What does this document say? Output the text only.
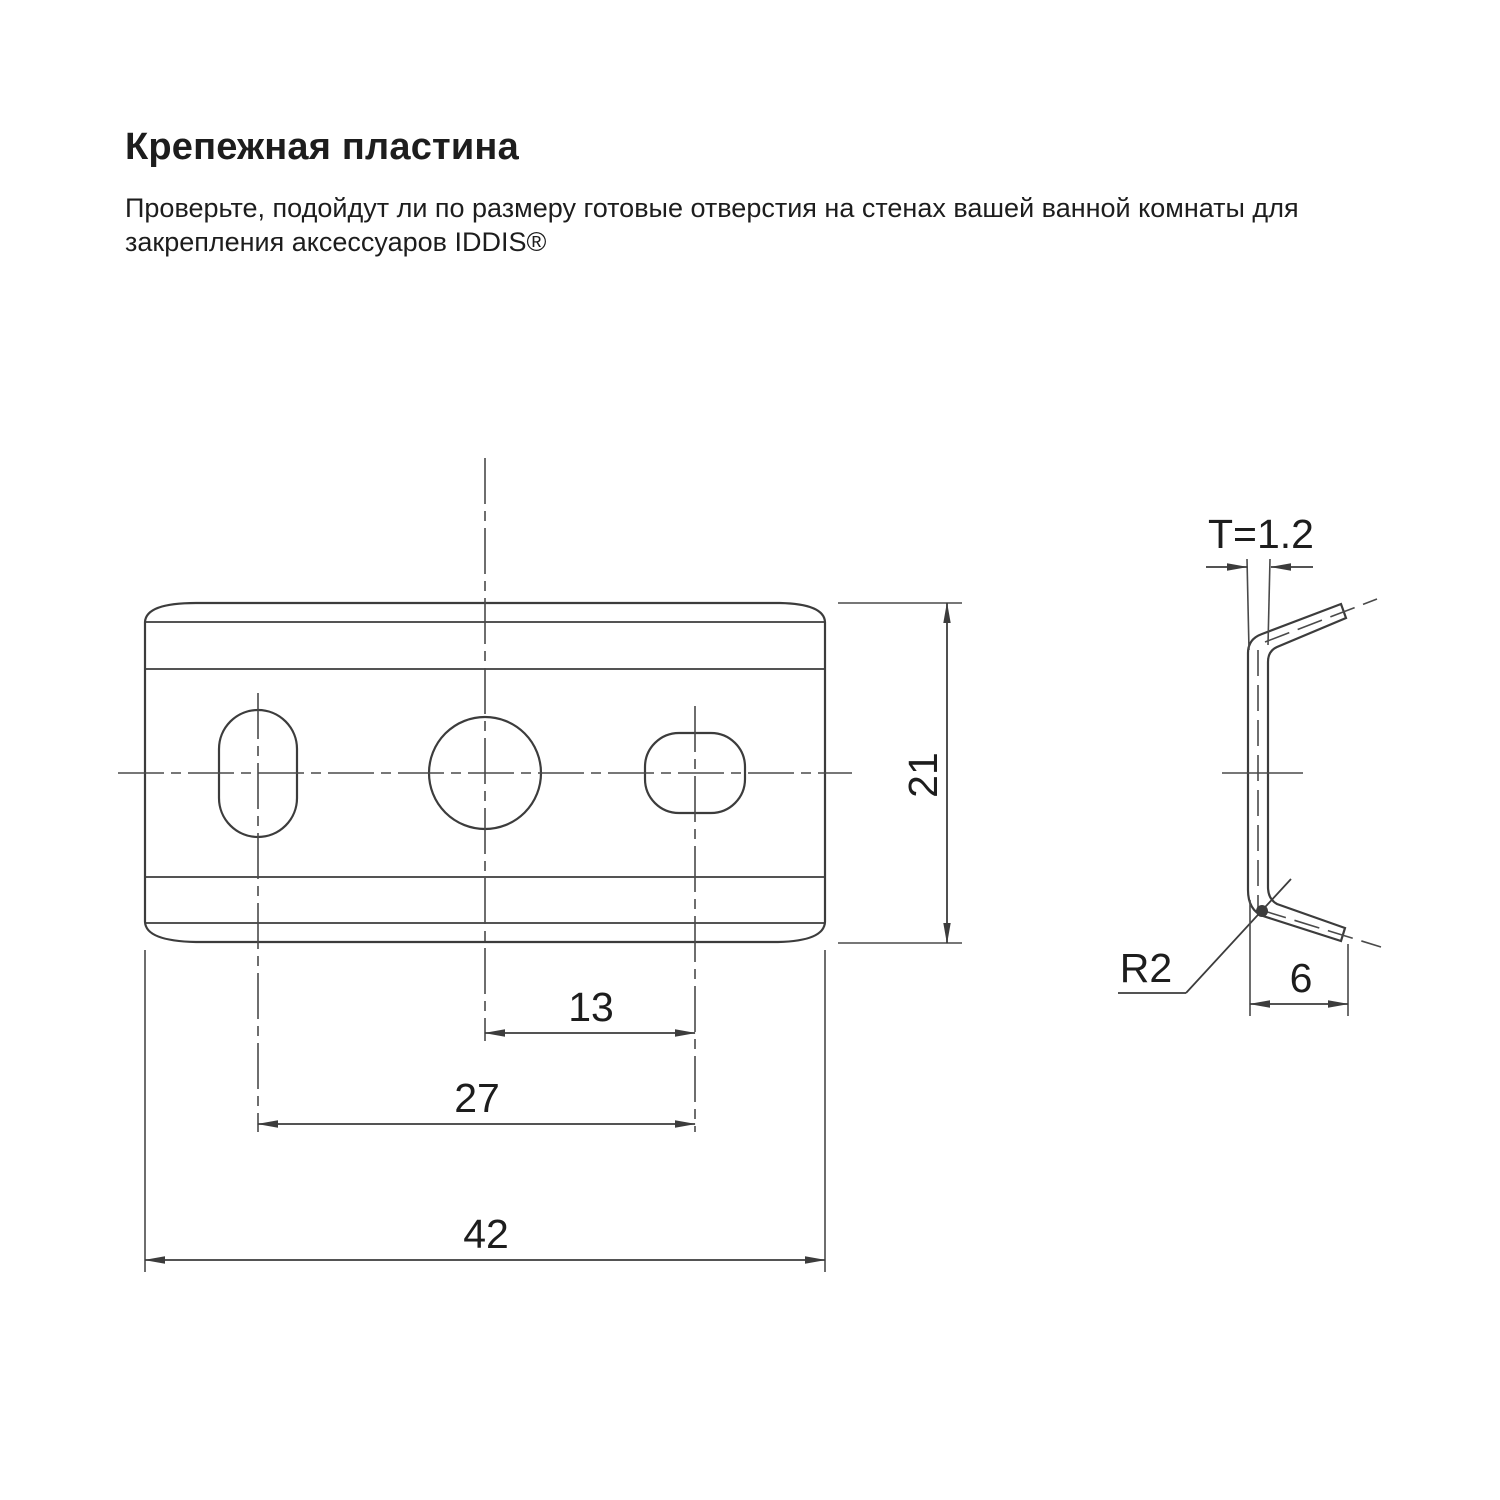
Крепежная пластина

Проверьте, подойдут ли по размеру готовые отверстия на стенах вашей ванной комнаты для закрепления аксессуаров IDDIS®

13
27
42
21
T=1.2
R2	6
